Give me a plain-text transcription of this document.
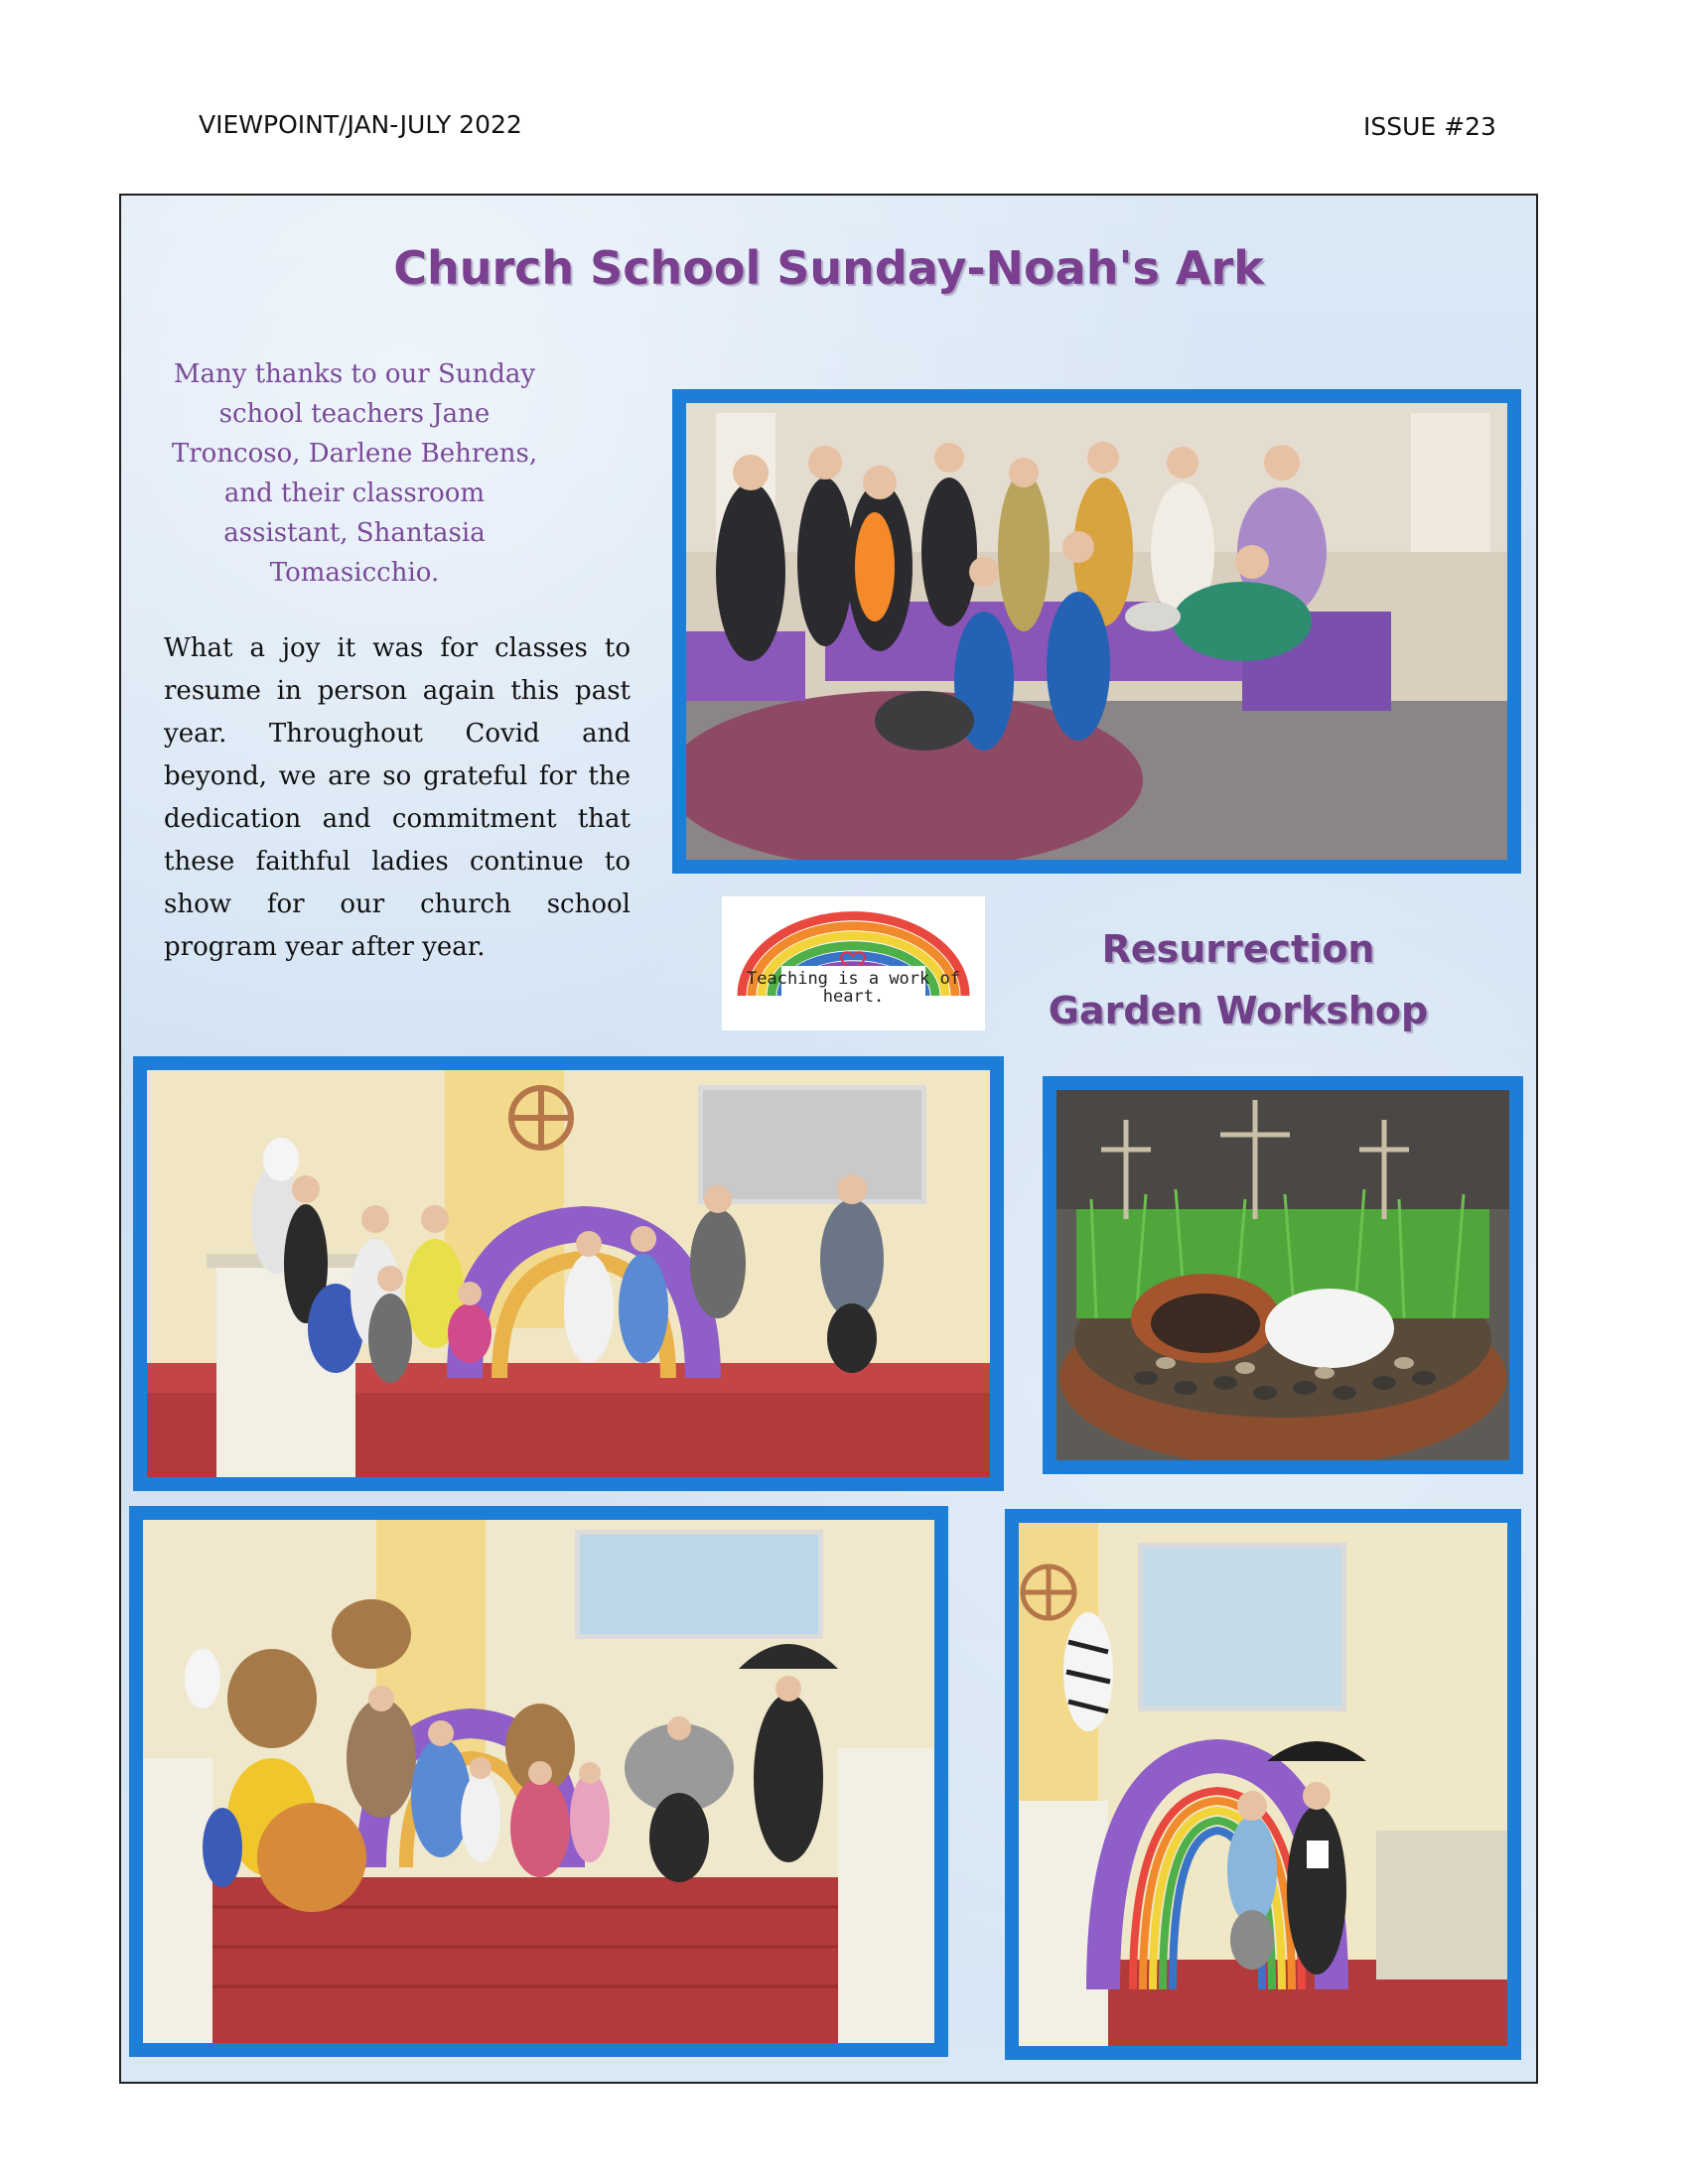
VIEWPOINT/JAN-JULY 2022	ISSUE #23
Church School Sunday-Noah's Ark
Many thanks to our Sunday school teachers Jane Troncoso, Darlene Behrens, and their classroom assistant, Shantasia Tomasicchio.
What a joy it was for classes to resume in person again this past year. Throughout Covid and beyond, we are so grateful for the dedication and commitment that these faithful ladies continue to show for our church school program year after year.
Teaching is a work of heart.
Resurrection Garden Workshop
